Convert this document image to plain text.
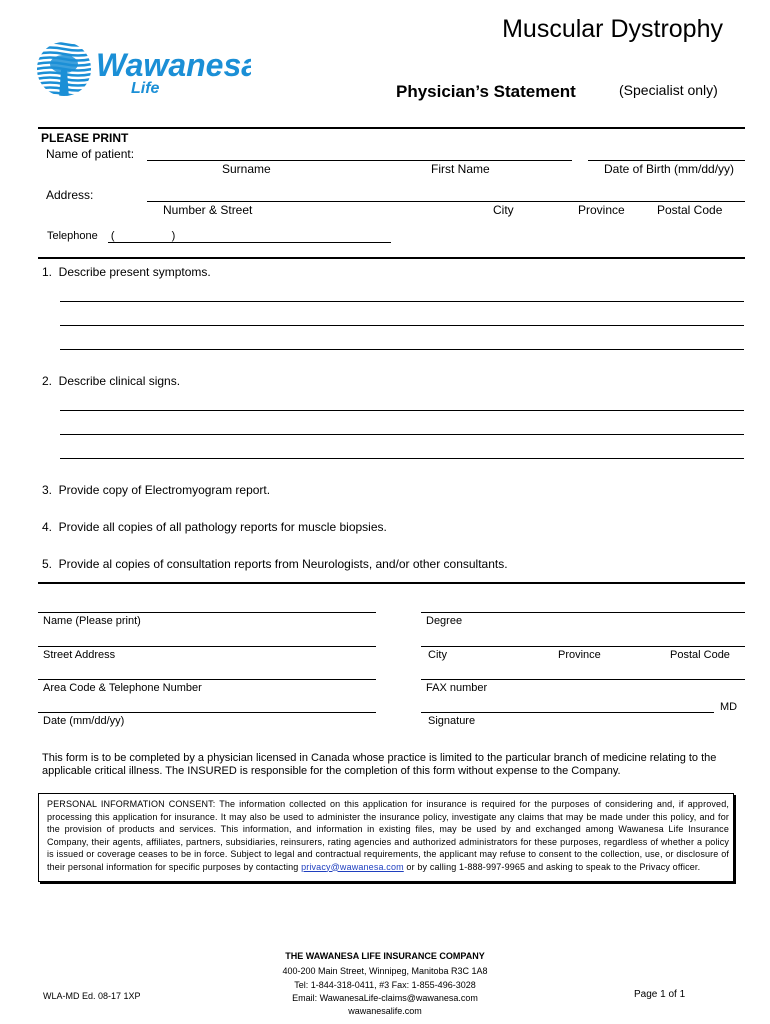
Wawanesa
Life
Muscular Dystrophy
Physician’s Statement	(Specialist only)
PLEASE PRINT
Name of patient:
Surname	First Name	Date of Birth (mm/dd/yy)
Address:
Number & Street	City	Province	Postal Code
Telephone (	)
1.  Describe present symptoms.
2.  Describe clinical signs.
3.  Provide copy of Electromyogram report.
4.  Provide all copies of all pathology reports for muscle biopsies.
5.  Provide al copies of consultation reports from Neurologists, and/or other consultants.
Name (Please print)	Degree
Street Address	City	Province	Postal Code
Area Code & Telephone Number	FAX number
MD
Date (mm/dd/yy)	Signature
This form is to be completed by a physician licensed in Canada whose practice is limited to the particular branch of medicine relating to the applicable critical illness. The INSURED is responsible for the completion of this form without expense to the Company.
PERSONAL INFORMATION CONSENT: The information collected on this application for insurance is required for the purposes of considering and, if approved, processing this application for insurance. It may also be used to administer the insurance policy, investigate any claims that may be made under this policy, and for the provision of products and services. This information, and information in existing files, may be used by and exchanged among Wawanesa Life Insurance Company, their agents, affiliates, partners, subsidiaries, reinsurers, rating agencies and authorized administrators for these purposes, regardless of whether a policy is issued or coverage ceases to be in force. Subject to legal and contractual requirements, the applicant may refuse to consent to the collection, use, or disclosure of their personal information for specific purposes by contacting privacy@wawanesa.com or by calling 1-888-997-9965 and asking to speak to the Privacy officer.
THE WAWANESA LIFE INSURANCE COMPANY
400-200 Main Street, Winnipeg, Manitoba R3C 1A8
Tel: 1-844-318-0411, #3 Fax: 1-855-496-3028
Email: WawanesaLife-claims@wawanesa.com
wawanesalife.com
WLA-MD Ed. 08-17 1XP	Page 1 of 1
